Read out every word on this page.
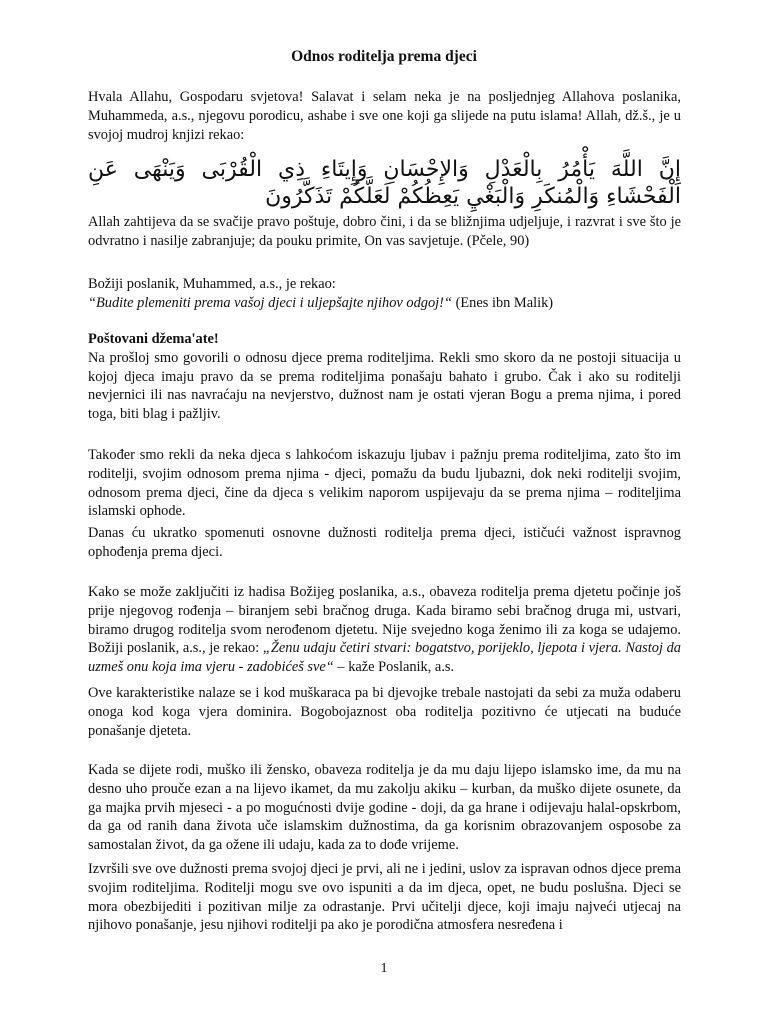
Odnos roditelja prema djeci

Hvala Allahu, Gospodaru svjetova! Salavat i selam neka je na posljednjeg Allahova poslanika, Muhammeda, a.s., njegovu porodicu, ashabe i sve one koji ga slijede na putu islama! Allah, dž.š., je u svojoj mudroj knjizi rekao:

إِنَّ اللَّهَ يَأْمُرُ بِالْعَدْلِ وَالإِحْسَانِ وَإِيتَاءِ ذِي الْقُرْبَى وَيَنْهَى عَنِ الْفَحْشَاءِ وَالْمُنكَرِ وَالْبَغْيِ يَعِظُكُمْ لَعَلَّكُمْ تَذَكَّرُونَ

Allah zahtijeva da se svačije pravo poštuje, dobro čini, i da se bližnjima udjeljuje, i razvrat i sve što je odvratno i nasilje zabranjuje; da pouku primite, On vas savjetuje. (Pčele, 90)

Božiji poslanik, Muhammed, a.s., je rekao:
“Budite plemeniti prema vašoj djeci i uljepšajte njihov odgoj!“ (Enes ibn Malik)

Poštovani džema'ate!
Na prošloj smo govorili o odnosu djece prema roditeljima. Rekli smo skoro da ne postoji situacija u kojoj djeca imaju pravo da se prema roditeljima ponašaju bahato i grubo. Čak i ako su roditelji nevjernici ili nas navraćaju na nevjerstvo, dužnost nam je ostati vjeran Bogu a prema njima, i pored toga, biti blag i pažljiv.

Također smo rekli da neka djeca s lahkoćom iskazuju ljubav i pažnju prema roditeljima, zato što im roditelji, svojim odnosom prema njima - djeci, pomažu da budu ljubazni, dok neki roditelji svojim, odnosom prema djeci, čine da djeca s velikim naporom uspijevaju da se prema njima – roditeljima islamski ophode.

Danas ću ukratko spomenuti osnovne dužnosti roditelja prema djeci, ističući važnost ispravnog ophođenja prema djeci.

Kako se može zaključiti iz hadisa Božijeg poslanika, a.s., obaveza roditelja prema djetetu počinje još prije njegovog rođenja – biranjem sebi bračnog druga. Kada biramo sebi bračnog druga mi, ustvari, biramo drugog roditelja svom nerođenom djetetu. Nije svejedno koga ženimo ili za koga se udajemo. Božiji poslanik, a.s., je rekao: „Ženu udaju četiri stvari: bogatstvo, porijeklo, ljepota i vjera. Nastoj da uzmeš onu koja ima vjeru - zadobićeš sve“ – kaže Poslanik, a.s.

Ove karakteristike nalaze se i kod muškaraca pa bi djevojke trebale nastojati da sebi za muža odaberu onoga kod koga vjera dominira. Bogobojaznost oba roditelja pozitivno će utjecati na buduće ponašanje djeteta.

Kada se dijete rodi, muško ili žensko, obaveza roditelja je da mu daju lijepo islamsko ime, da mu na desno uho prouče ezan a na lijevo ikamet, da mu zakolju akiku – kurban, da muško dijete osunete, da ga majka prvih mjeseci - a po mogućnosti dvije godine - doji, da ga hrane i odijevaju halal-opskrbom, da ga od ranih dana života uče islamskim dužnostima, da ga korisnim obrazovanjem osposobe za samostalan život, da ga ožene ili udaju, kada za to dođe vrijeme.

Izvršili sve ove dužnosti prema svojoj djeci je prvi, ali ne i jedini, uslov za ispravan odnos djece prema svojim roditeljima. Roditelji mogu sve ovo ispuniti a da im djeca, opet, ne budu poslušna. Djeci se mora obezbijediti i pozitivan milje za odrastanje. Prvi učitelji djece, koji imaju najveći utjecaj na njihovo ponašanje, jesu njihovi roditelji pa ako je porodična atmosfera nesređena i

1
